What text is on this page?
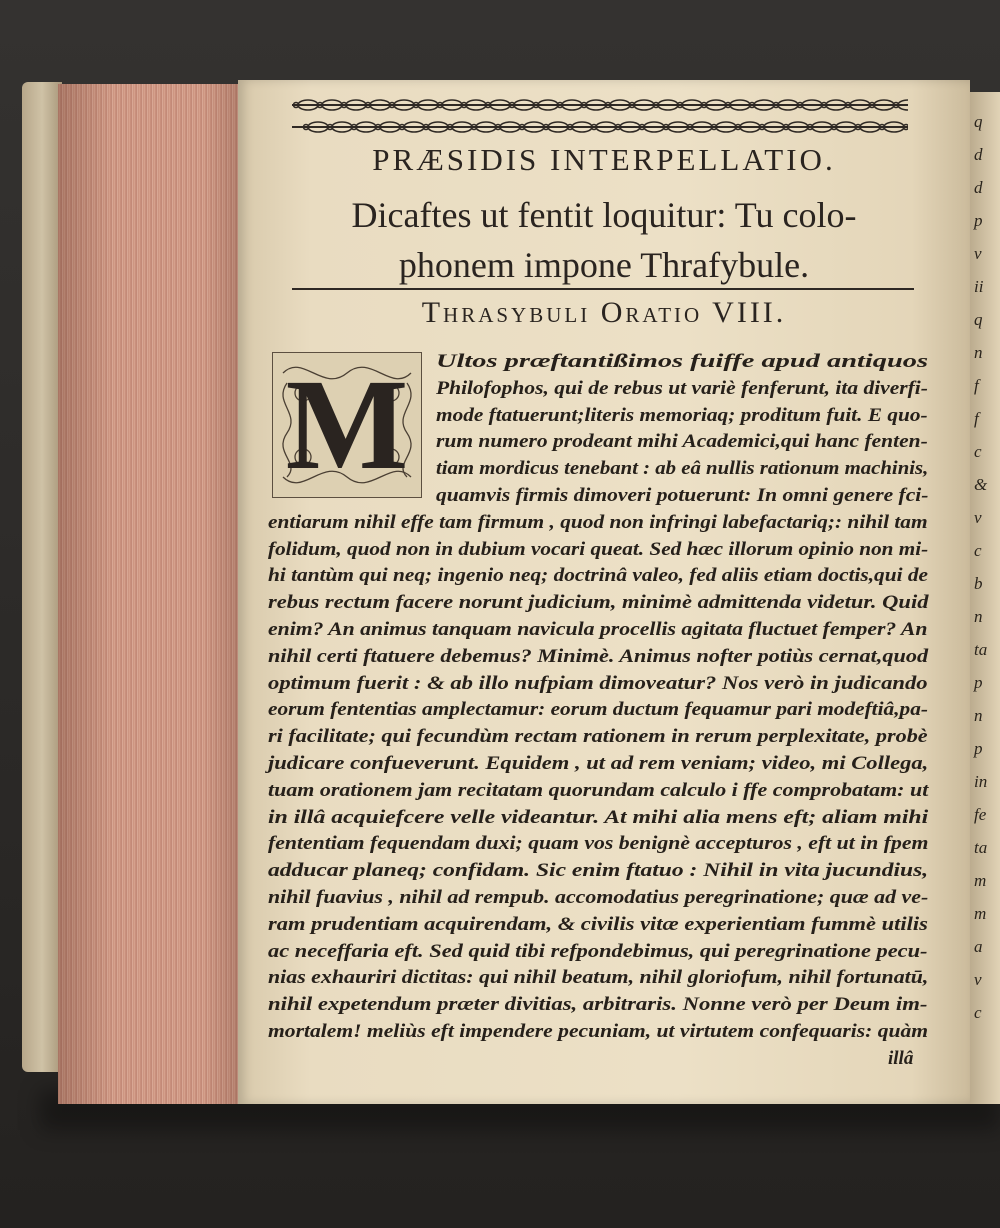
q
d
d
p
v
ii
q
n
f
f
c
&
v
c
b
n
ta
p
n
p
in
fe
ta
m
m
a
v
c
PRÆSIDIS INTERPELLATIO.
Dicaftes ut fentit loquitur: Tu colo-
phonem impone Thrafybule.
Thrasybuli Oratio VIII.
M	Ultos præftantißimos fuiffe apud antiquos
Philofophos, qui de rebus ut variè fenferunt, ita diverfi-
mode ftatuerunt;literis memoriaq; proditum fuit. E quo-
rum numero prodeant mihi Academici,qui hanc fenten-
tiam mordicus tenebant : ab eâ nullis rationum machinis,
quamvis firmis dimoveri potuerunt: In omni genere fci-
entiarum nihil effe tam firmum , quod non infringi labefactariq;: nihil tam
folidum, quod non in dubium vocari queat. Sed hæc illorum opinio non mi-
hi tantùm qui neq; ingenio neq; doctrinâ valeo, fed aliis etiam doctis,qui de
rebus rectum facere norunt judicium, minimè admittenda videtur. Quid
enim? An animus tanquam navicula procellis agitata fluctuet femper? An
nihil certi ftatuere debemus? Minimè. Animus nofter potiùs cernat,quod
optimum fuerit : & ab illo nufpiam dimoveatur? Nos verò in judicando
eorum fententias amplectamur: eorum ductum fequamur pari modeftiâ,pa-
ri facilitate; qui fecundùm rectam rationem in rerum perplexitate, probè
judicare confueverunt. Equidem , ut ad rem veniam; video, mi Collega,
tuam orationem jam recitatam quorundam calculo i ffe comprobatam: ut
in illâ acquiefcere velle videantur. At mihi alia mens eft; aliam mihi
fententiam fequendam duxi; quam vos benignè accepturos , eft ut in fpem
adducar planeq; confidam. Sic enim ftatuo : Nihil in vita jucundius,
nihil fuavius , nihil ad rempub. accomodatius peregrinatione; quæ ad ve-
ram prudentiam acquirendam, & civilis vitæ experientiam fummè utilis
ac neceffaria eft. Sed quid tibi refpondebimus, qui peregrinatione pecu-
nias exhauriri dictitas: qui nihil beatum, nihil gloriofum, nihil fortunatū,
nihil expetendum præter divitias, arbitraris. Nonne verò per Deum im-
mortalem! meliùs eft impendere pecuniam, ut virtutem confequaris: quàm
illâ
